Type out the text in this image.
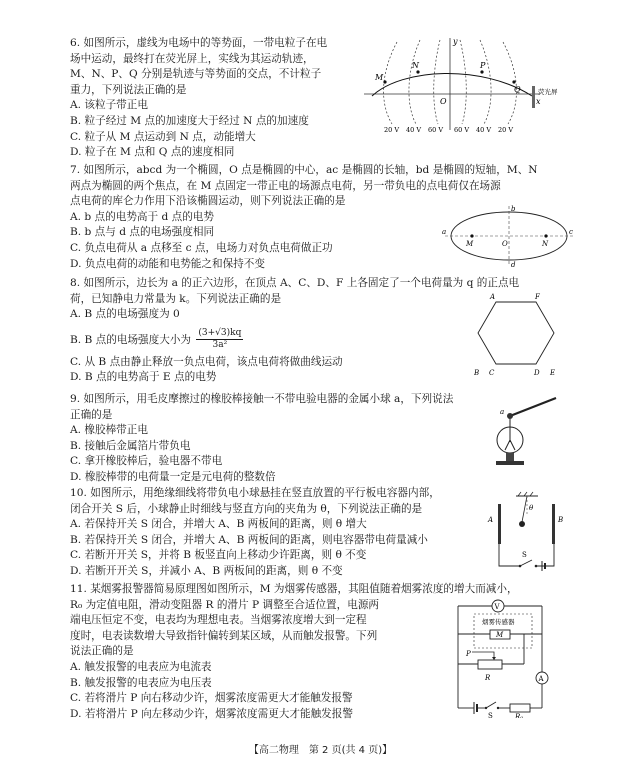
6. 如图所示，虚线为电场中的等势面，一带电粒子在电
场中运动，最终打在荧光屏上，实线为其运动轨迹，
M、N、P、Q 分别是轨迹与等势面的交点，不计粒子
重力，下列说法正确的是
A. 该粒子带正电
B. 粒子经过 M 点的加速度大于经过 N 点的加速度
C. 粒子从 M 点运动到 N 点，动能增大
D. 粒子在 M 点和 Q 点的速度相同
x
y
O
M
N	P
Q	荧光屏
20 V 40 V 60 V 60 V 40 V 20 V
7. 如图所示，abcd 为一个椭圆，O 点是椭圆的中心，ac 是椭圆的长轴，bd 是椭圆的短轴，M、N
两点为椭圆的两个焦点，在 M 点固定一带正电的场源点电荷，另一带负电的点电荷仅在场源
点电荷的库仑力作用下沿该椭圆运动，则下列说法正确的是
A. b 点的电势高于 d 点的电势
B. b 点与 d 点的电场强度相同
C. 负点电荷从 a 点移至 c 点，电场力对负点电荷做正功
D. 负点电荷的动能和电势能之和保持不变
a
b
c
d
M	O	N
8. 如图所示，边长为 a 的正六边形，在顶点 A、C、D、F 上各固定了一个电荷量为 q 的正点电
荷，已知静电力常量为 k。下列说法正确的是
A. B 点的电场强度为 0
B. B 点的电场强度大小为 $\frac{(3+√3)kq}{\text{3a²}}$
C. 从 B 点由静止释放一负点电荷，该点电荷将做曲线运动
D. B 点的电势高于 E 点的电势
A	F
B C	D E
9. 如图所示，用毛皮摩擦过的橡胶棒接触一不带电验电器的金属小球 a，下列说法
正确的是
A. 橡胶棒带正电
B. 接触后金属箔片带负电
C. 拿开橡胶棒后，验电器不带电
D. 橡胶棒带的电荷量一定是元电荷的整数倍
a
10. 如图所示，用绝缘细线将带负电小球悬挂在竖直放置的平行板电容器内部，
闭合开关 S 后，小球静止时细线与竖直方向的夹角为 θ，下列说法正确的是
A. 若保持开关 S 闭合，并增大 A、B 两板间的距离，则 θ 增大
B. 若保持开关 S 闭合，并增大 A、B 两板间的距离，则电容器带电荷量减小
C. 若断开开关 S，并将 B 板竖直向上移动少许距离，则 θ 不变
D. 若断开开关 S，并减小 A、B 两板间的距离，则 θ 不变
θ
A	B
S
11. 某烟雾报警器简易原理图如图所示，M 为烟雾传感器，其阻值随着烟雾浓度的增大而减小，
R₀ 为定值电阻，滑动变阻器 R 的滑片 P 调整至合适位置，电源两
端电压恒定不变，电表均为理想电表。当烟雾浓度增大到一定程
度时，电表读数增大导致指针偏转到某区域，从而触发报警。下列
说法正确的是
A. 触发报警的电表应为电流表
B. 触发报警的电表应为电压表
C. 若将滑片 P 向右移动少许，烟雾浓度需更大才能触发报警
D. 若将滑片 P 向左移动少许，烟雾浓度需更大才能触发报警
V
烟雾传感器
M
P
R	A
S	R₀
【高二物理　第 2 页(共 4 页)】
